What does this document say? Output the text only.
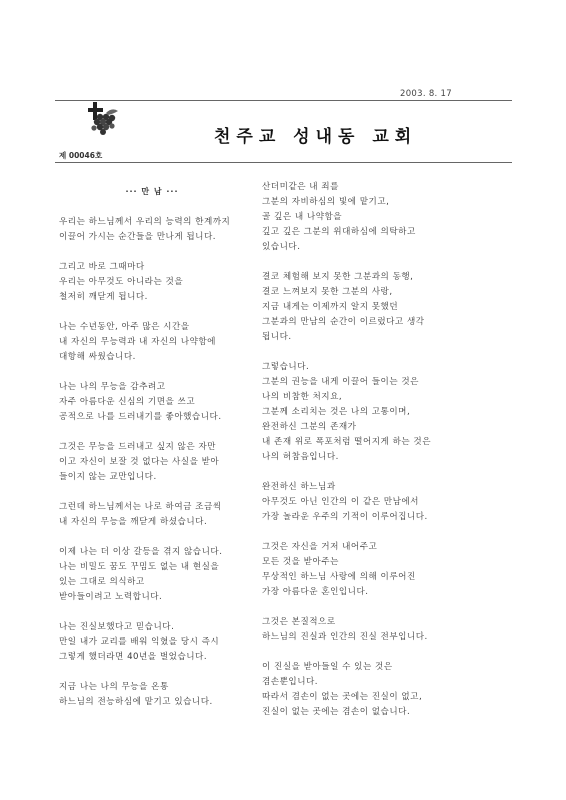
2003. 8. 17
천주교 성내동 교회
제 00046호
··· 만 남 ···
우리는 하느님께서 우리의 능력의 한계까지
이끌어 가시는 순간들을 만나게 됩니다.
그리고 바로 그때마다
우리는 아무것도 아니라는 것을
철저히 깨닫게 됩니다.
나는 수년동안, 아주 많은 시간을
내 자신의 무능력과 내 자신의 나약함에
대항해 싸웠습니다.
나는 나의 무능을 감추려고
자주 아름다운 신심의 기면을 쓰고
공적으로 나를 드러내기를 좋아했습니다.
그것은 무능을 드러내고 싶지 않은 자만
이고 자신이 보잘 것 없다는 사실을 받아
들이지 않는 교만입니다.
그런데 하느님께서는 나로 하여금 조금씩
내 자신의 무능을 깨닫게 하셨습니다.
이제 나는 더 이상 갈등을 겪지 않습니다.
나는 비밀도 꿈도 꾸밈도 없는 내 현실을
있는 그대로 의식하고
받아들이려고 노력합니다.
나는 진실보했다고 믿습니다.
만일 내가 교리를 배워 익혔을 당시 즉시
그렇게 했더라면 40년을 벌었습니다.
지금 나는 나의 무능을 온통
하느님의 전능하심에 맡기고 있습니다.
산더미같은 내 죄를
그분의 자비하심의 빛에 맡기고,
골 깊은 내 나약함을
깊고 깊은 그분의 위대하심에 의탁하고
있습니다.
결코 체험해 보지 못한 그분과의 동행,
결코 느껴보지 못한 그분의 사랑,
지금 내게는 이제까지 알지 못했던
그분과의 만남의 순간이 이르렀다고 생각
됩니다.
그렇습니다.
그분의 권능을 내게 이끌어 들이는 것은
나의 비참한 처지요,
그분께 소리치는 것은 나의 고통이며,
완전하신 그분의 존재가
내 존재 위로 폭포처럼 떨어지게 하는 것은
나의 허참음입니다.
완전하신 하느님과
아무것도 아닌 인간의 이 같은 만남에서
가장 놀라운 우주의 기적이 이루어집니다.
그것은 자신을 거저 내어주고
모든 것을 받아주는
무상적인 하느님 사랑에 의해 이루어진
가장 아름다운 혼인입니다.
그것은 본질적으로
하느님의 진실과 인간의 진실 전부입니다.
이 진실을 받아들일 수 있는 것은
겸손뿐입니다.
따라서 겸손이 없는 곳에는 진실이 없고,
진실이 없는 곳에는 겸손이 없습니다.
